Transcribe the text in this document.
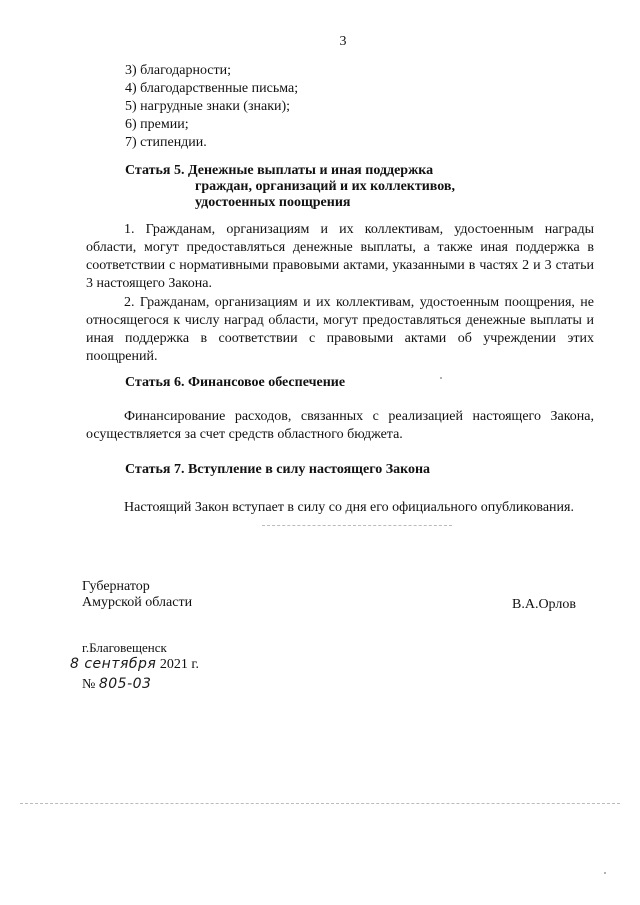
3
3) благодарности;
4) благодарственные письма;
5) нагрудные знаки (знаки);
6) премии;
7) стипендии.
Статья 5. Денежные выплаты и иная поддержка
граждан, организаций и их коллективов,
удостоенных поощрения
1. Гражданам, организациям и их коллективам, удостоенным награды области, могут предоставляться денежные выплаты, а также иная поддержка в соответствии с нормативными правовыми актами, указанными в частях 2 и 3 статьи 3 настоящего Закона.
2. Гражданам, организациям и их коллективам, удостоенным поощрения, не относящегося к числу наград области, могут предоставляться денежные выплаты и иная поддержка в соответствии с правовыми актами об учреждении этих поощрений.
Статья 6. Финансовое обеспечение
Финансирование расходов, связанных с реализацией настоящего Закона, осуществляется за счет средств областного бюджета.
Статья 7. Вступление в силу настоящего Закона
Настоящий Закон вступает в силу со дня его официального опубликования.
Губернатор
Амурской области	В.А.Орлов
г.Благовещенск
8 сентября 2021 г.
№ 805-03
